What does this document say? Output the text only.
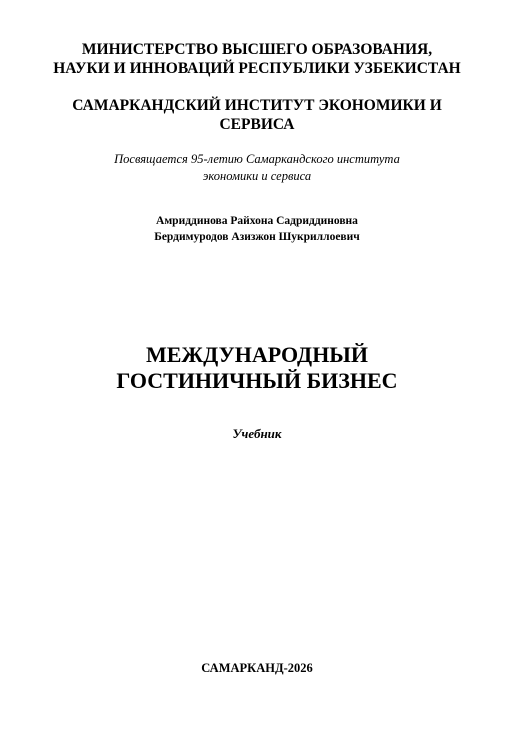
МИНИСТЕРСТВО ВЫСШЕГО ОБРАЗОВАНИЯ,

НАУКИ И ИННОВАЦИЙ РЕСПУБЛИКИ УЗБЕКИСТАН

САМАРКАНДСКИЙ ИНСТИТУТ ЭКОНОМИКИ И

СЕРВИСА

Посвящается 95-летию Самаркандского института

экономики и сервиса

Амриддинова Райхона Садриддиновна

Бердимуродов Азизжон Шукриллоевич

МЕЖДУНАРОДНЫЙ

ГОСТИНИЧНЫЙ БИЗНЕС

Учебник

САМАРКАНД-2026
